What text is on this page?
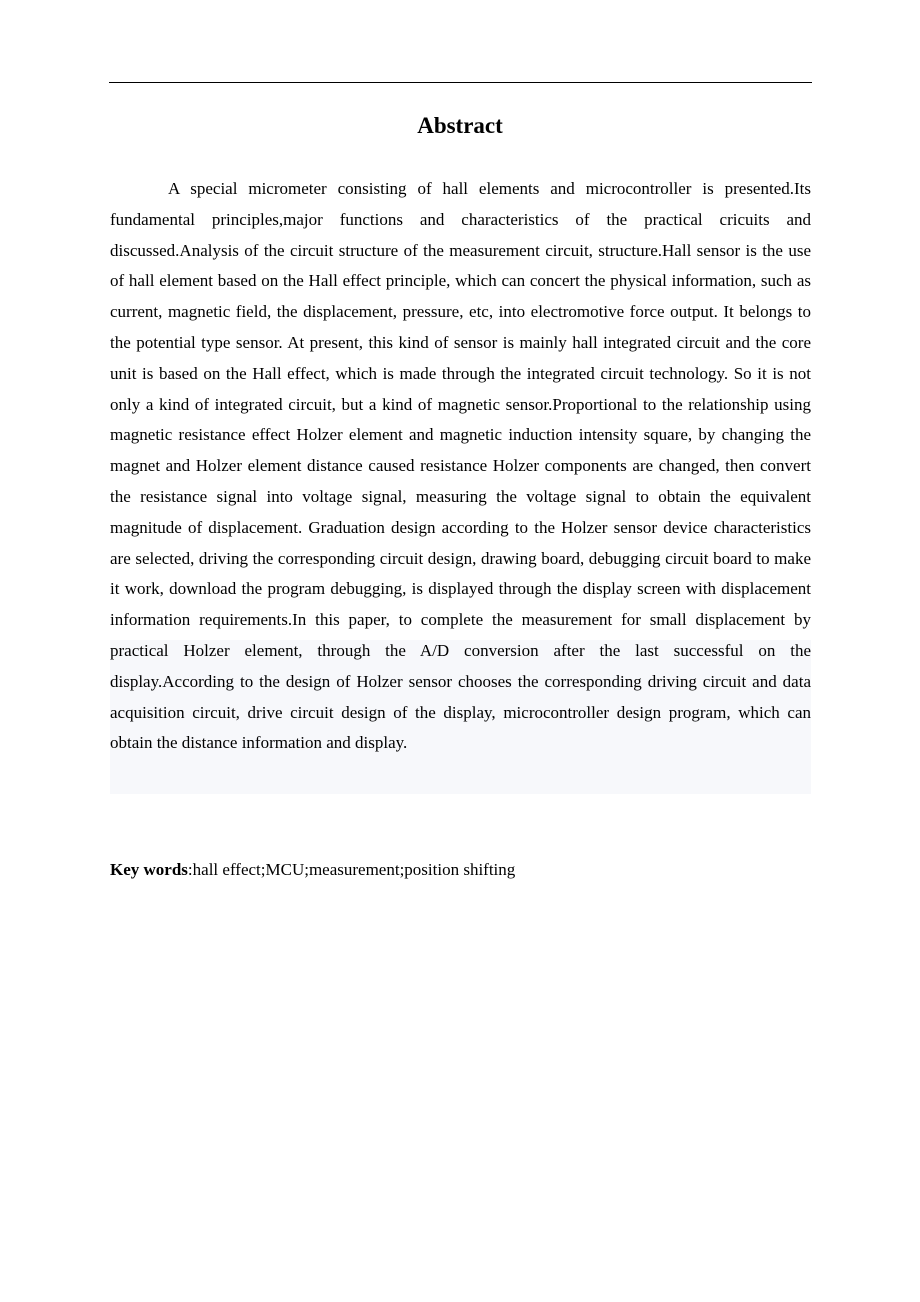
Abstract

A special micrometer consisting of hall elements and microcontroller is presented.Its fundamental principles,major functions and characteristics of the practical cricuits and discussed.Analysis of the circuit structure of the measurement circuit, structure.Hall sensor is the use of hall element based on the Hall effect principle, which can concert the physical information, such as current, magnetic field, the displacement, pressure, etc, into electromotive force output. It belongs to the potential type sensor. At present, this kind of sensor is mainly hall integrated circuit and the core unit is based on the Hall effect, which is made through the integrated circuit technology. So it is not only a kind of integrated circuit, but a kind of magnetic sensor.Proportional to the relationship using magnetic resistance effect Holzer element and magnetic induction intensity square, by changing the magnet and Holzer element distance caused resistance Holzer components are changed, then convert the resistance signal into voltage signal, measuring the voltage signal to obtain the equivalent magnitude of displacement. Graduation design according to the Holzer sensor device characteristics are selected, driving the corresponding circuit design, drawing board, debugging circuit board to make it work, download the program debugging, is displayed through the display screen with displacement information requirements.In this paper, to complete the measurement for small displacement by practical Holzer element, through the A/D conversion after the last successful on the display.According to the design of Holzer sensor chooses the corresponding driving circuit and data acquisition circuit, drive circuit design of the display, microcontroller design program, which can obtain the distance information and display.

Key words:hall effect;MCU;measurement;position shifting
